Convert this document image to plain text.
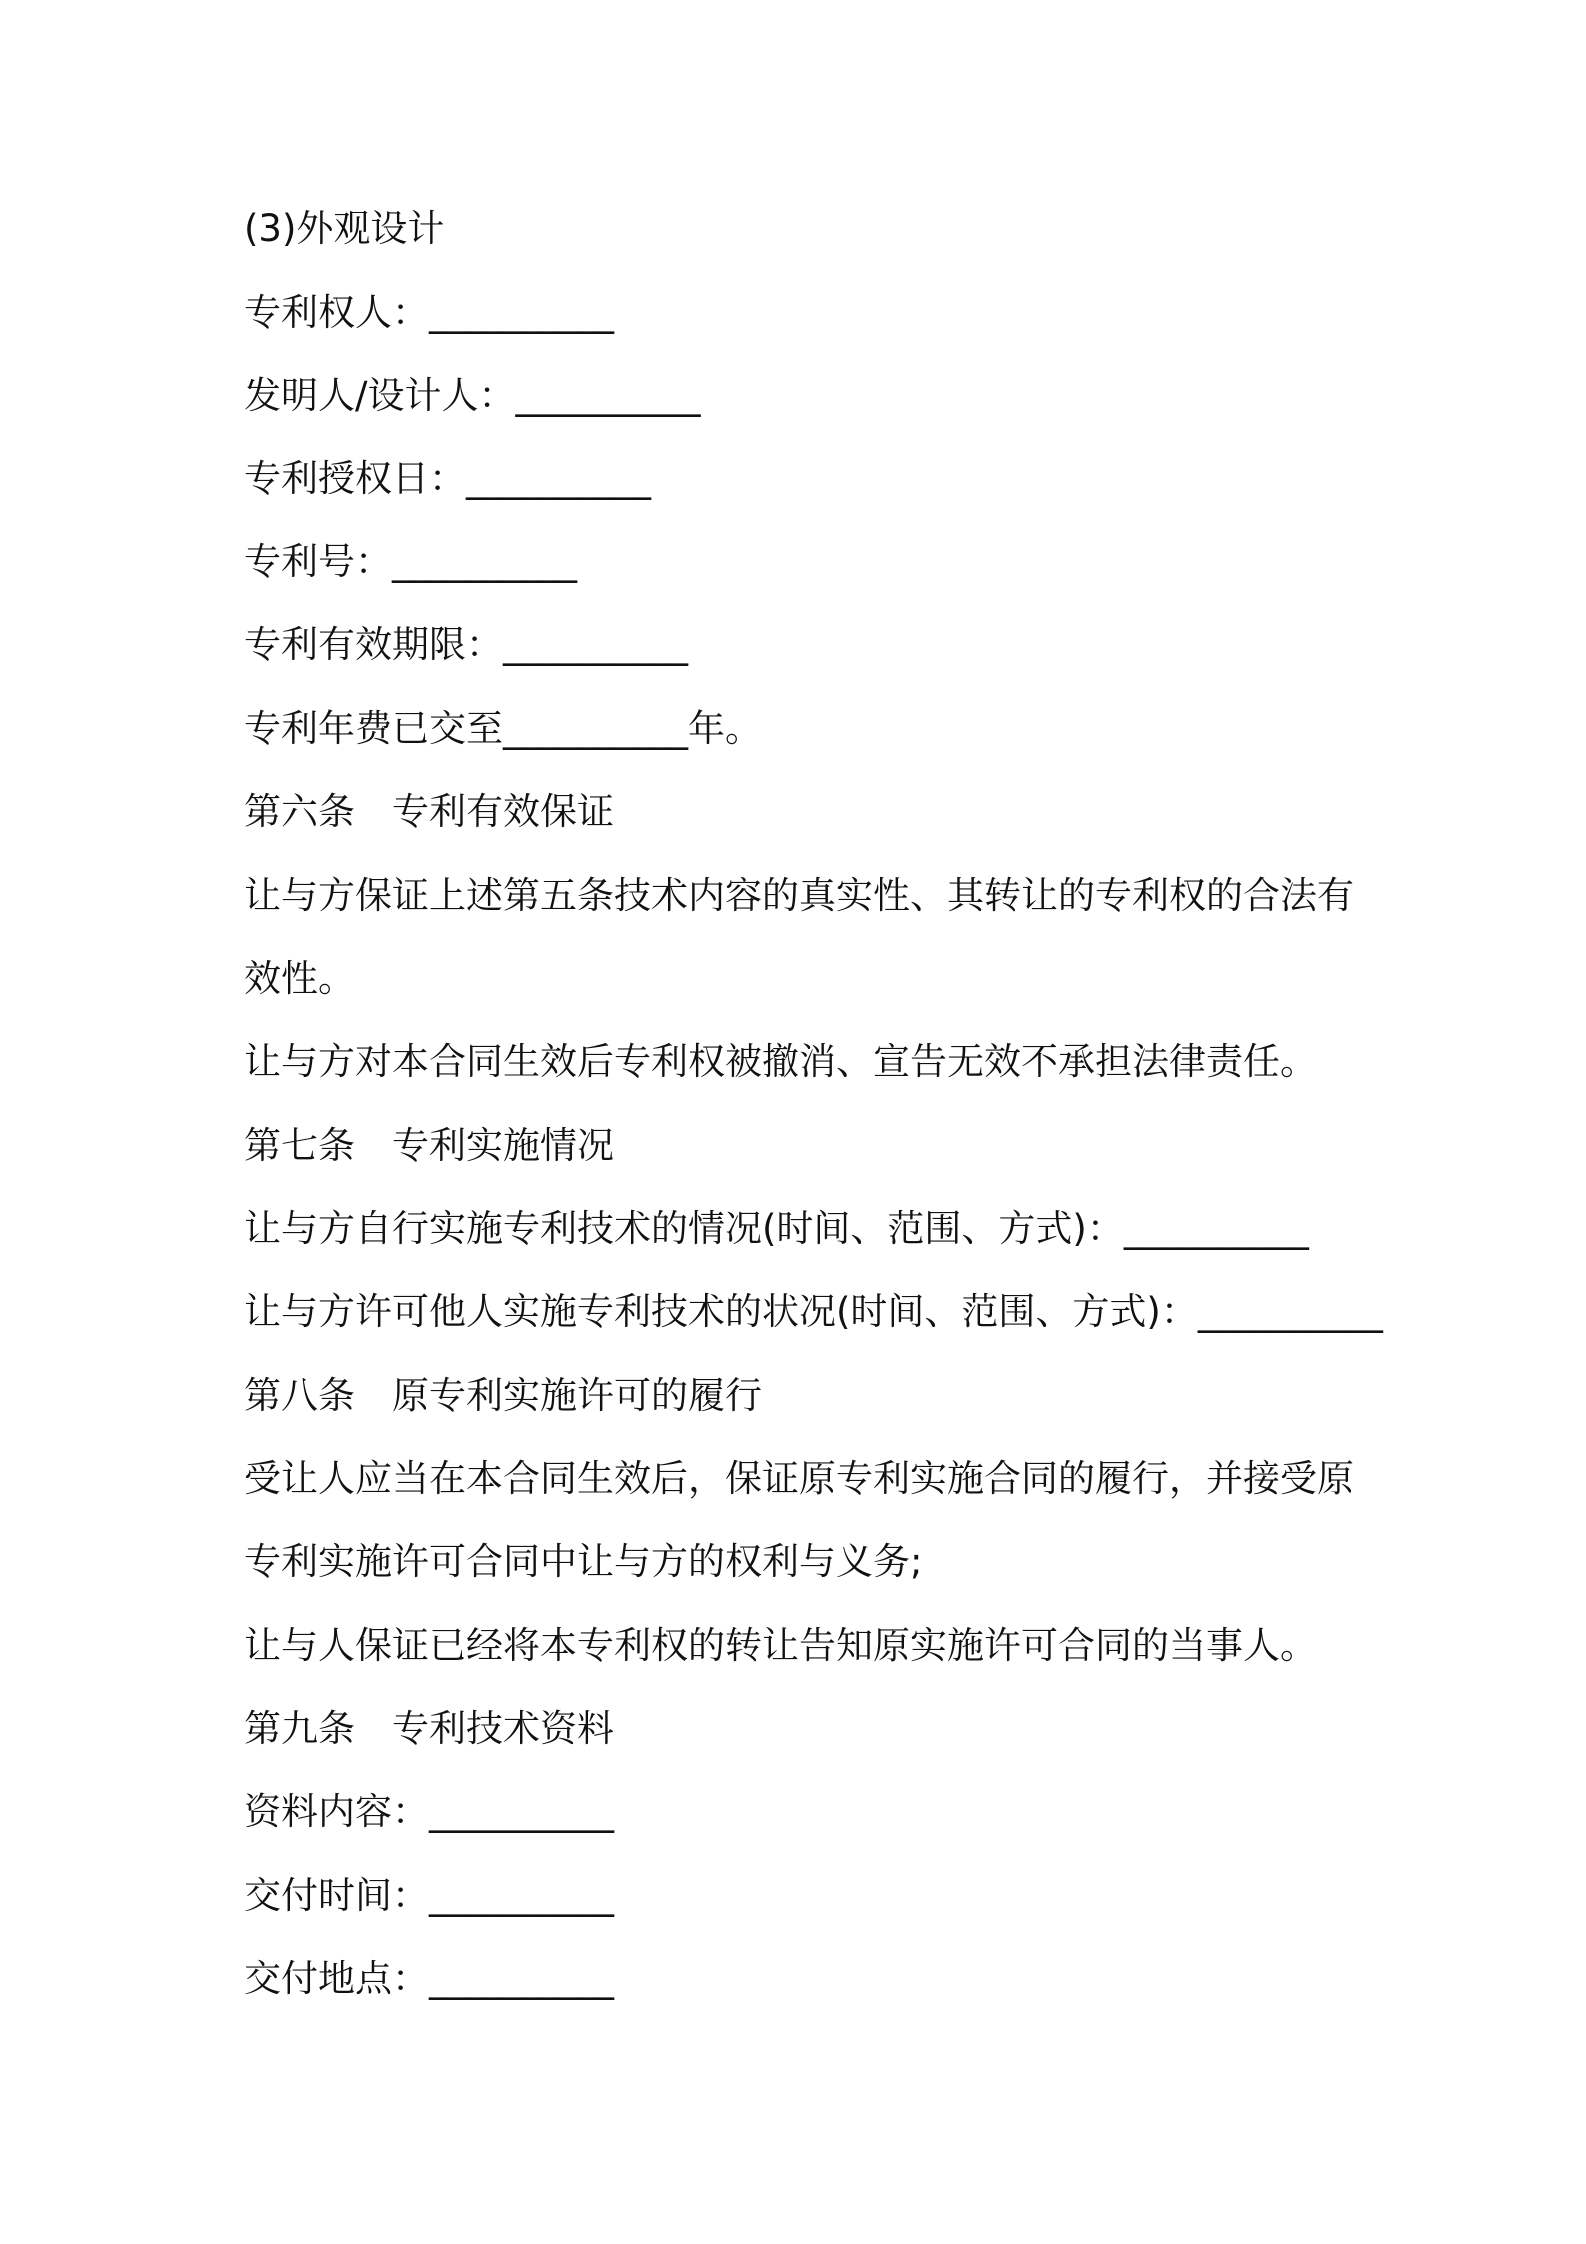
(3)外观设计
专利权人：__________
发明人/设计人：__________
专利授权日：__________
专利号：__________
专利有效期限：__________
专利年费已交至__________年。
第六条　专利有效保证
让与方保证上述第五条技术内容的真实性、其转让的专利权的合法有
效性。
让与方对本合同生效后专利权被撤消、宣告无效不承担法律责任。
第七条　专利实施情况
让与方自行实施专利技术的情况(时间、范围、方式)：__________
让与方许可他人实施专利技术的状况(时间、范围、方式)：__________
第八条　原专利实施许可的履行
受让人应当在本合同生效后，保证原专利实施合同的履行，并接受原
专利实施许可合同中让与方的权利与义务;
让与人保证已经将本专利权的转让告知原实施许可合同的当事人。
第九条　专利技术资料
资料内容：__________
交付时间：__________
交付地点：__________
